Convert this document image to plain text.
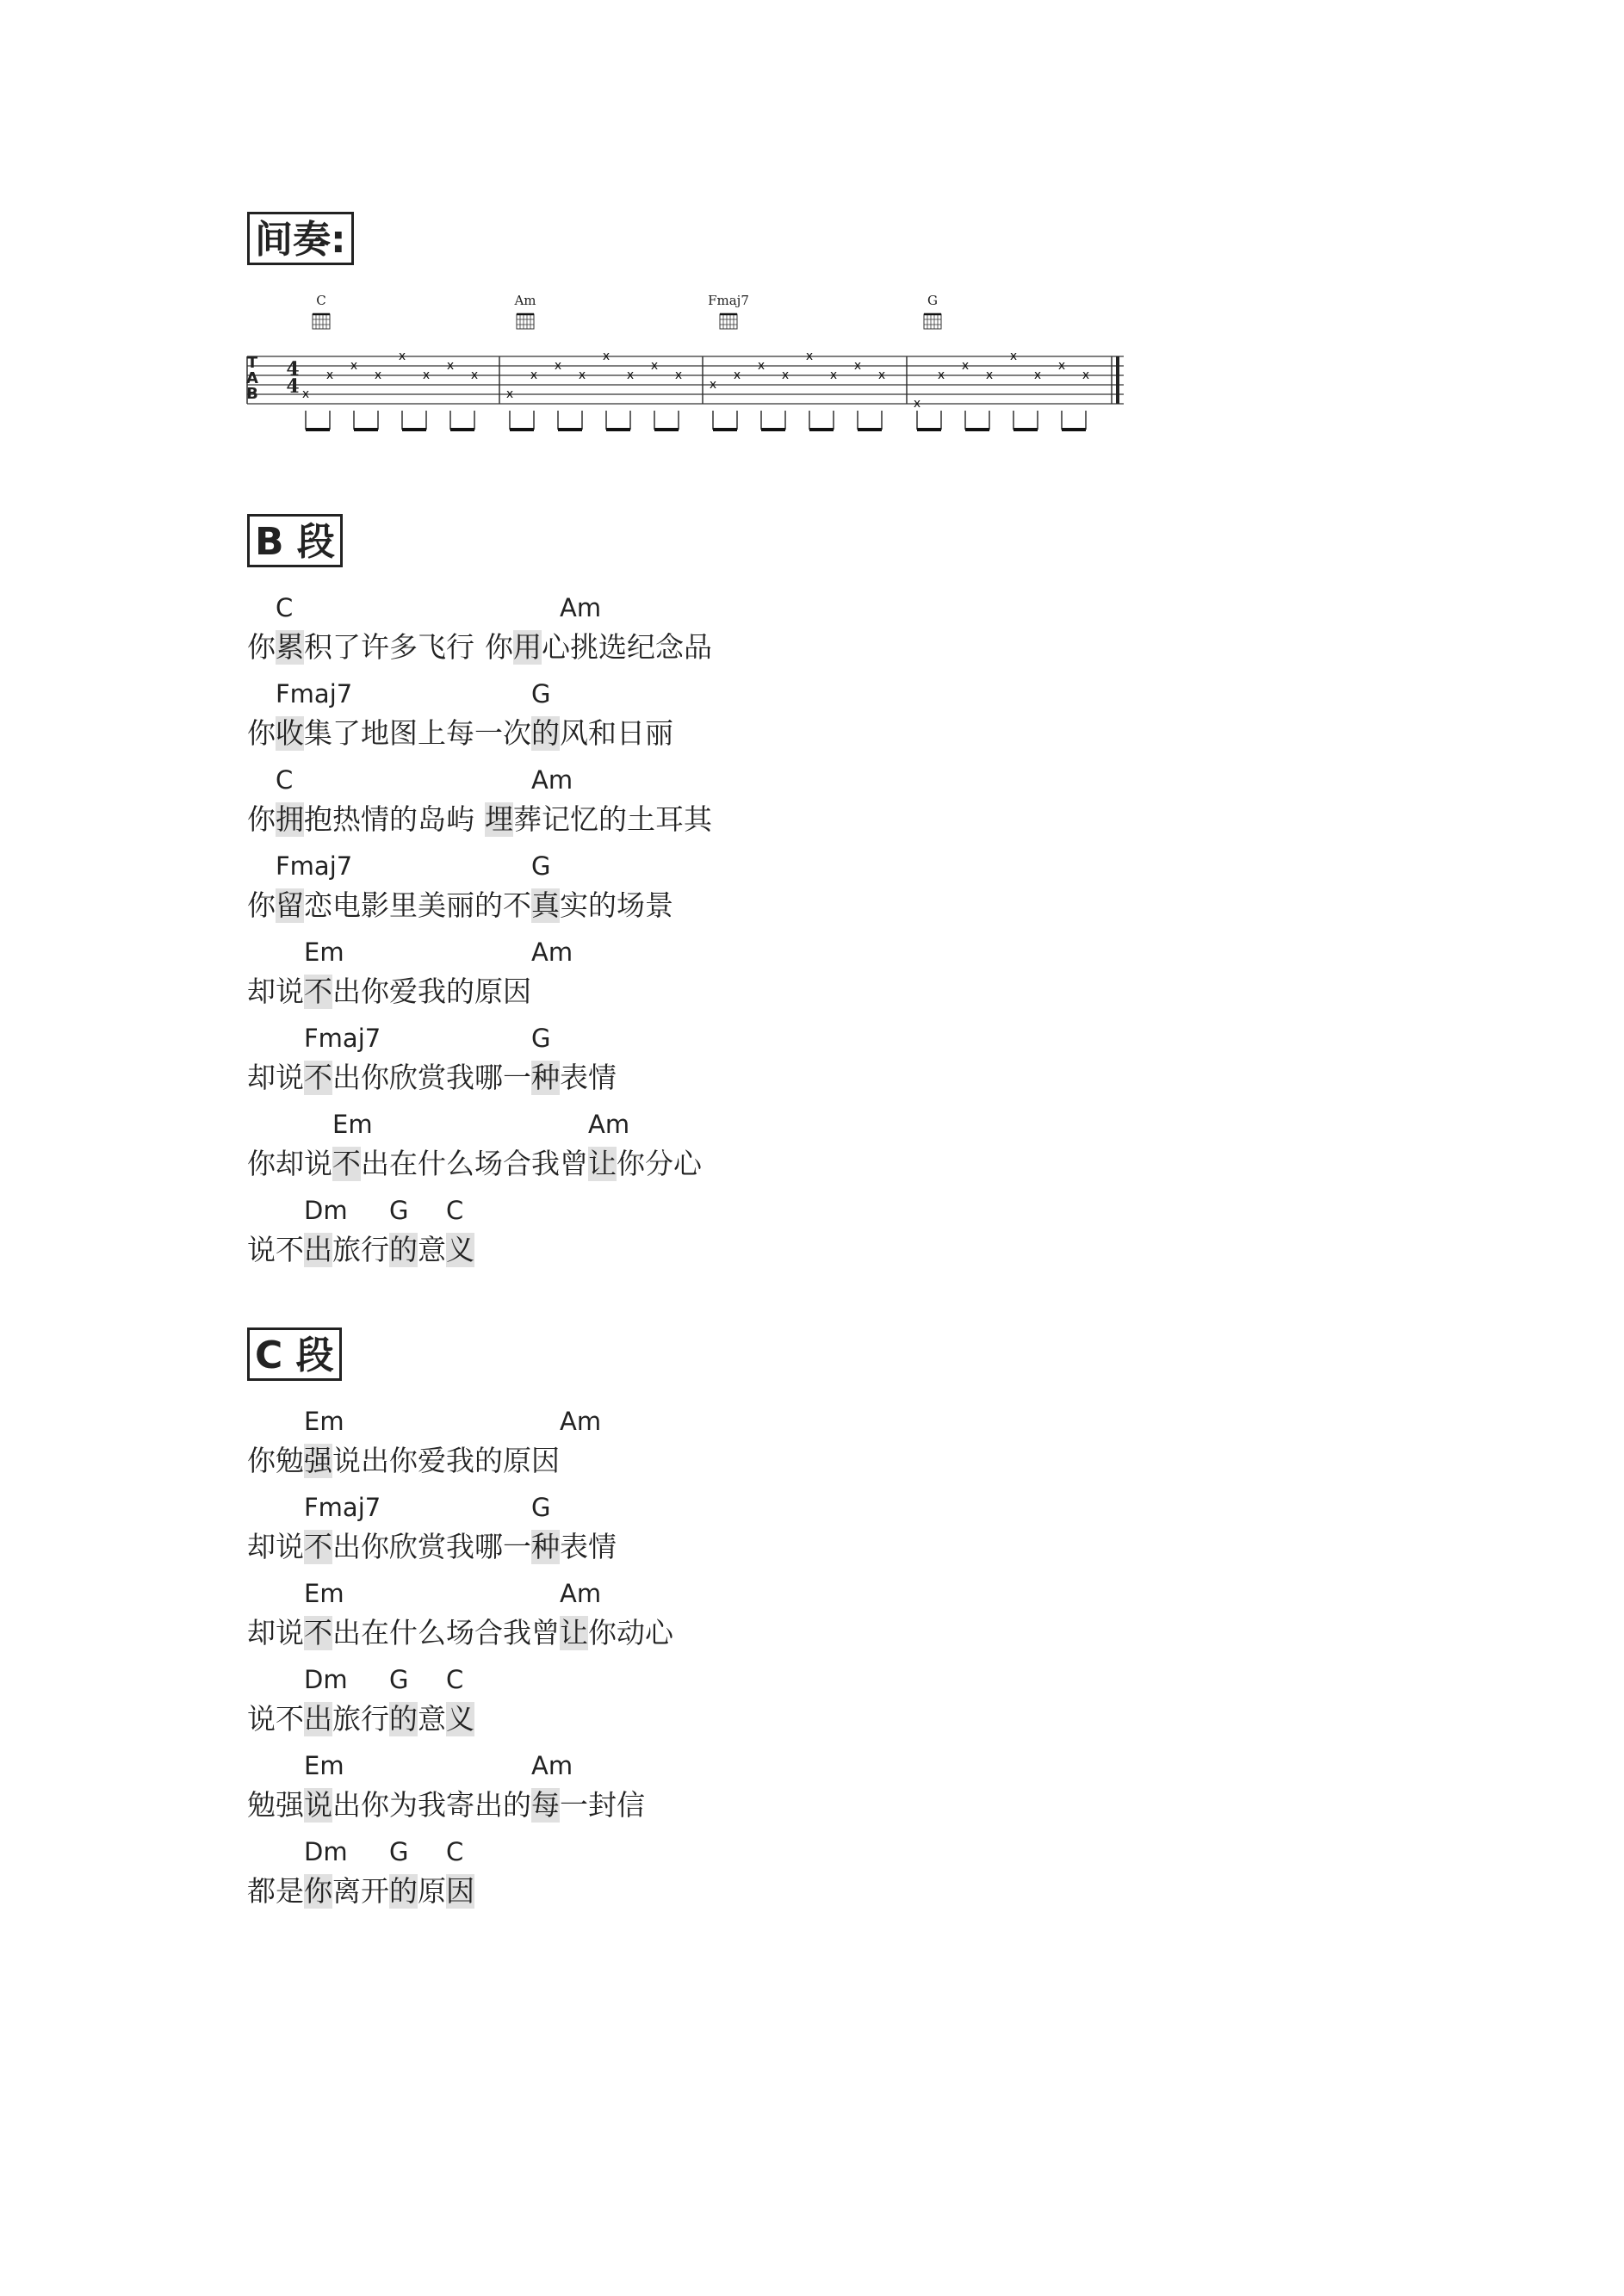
间奏:
T
A
B
4
4
C
x
x
x
x
x
x
x
x
Am
x
x
x
x
x
x
x
x
Fmaj7
x
x
x
x
x
x
x
x
G
x
x
x
x
x
x
x
x
B 段
C	Am
你累积了许多飞行 你用心挑选纪念品
Fmaj7	G
你收集了地图上每一次的风和日丽
C	Am
你拥抱热情的岛屿 埋葬记忆的土耳其
Fmaj7	G
你留恋电影里美丽的不真实的场景
Em	Am
却说不出你爱我的原因
Fmaj7	G
却说不出你欣赏我哪一种表情
Em	Am
你却说不出在什么场合我曾让你分心
Dm G C
说不出旅行的意义
C 段
Em	Am
你勉强说出你爱我的原因
Fmaj7	G
却说不出你欣赏我哪一种表情
Em	Am
却说不出在什么场合我曾让你动心
Dm G C
说不出旅行的意义
Em	Am
勉强说出你为我寄出的每一封信
Dm G C
都是你离开的原因
